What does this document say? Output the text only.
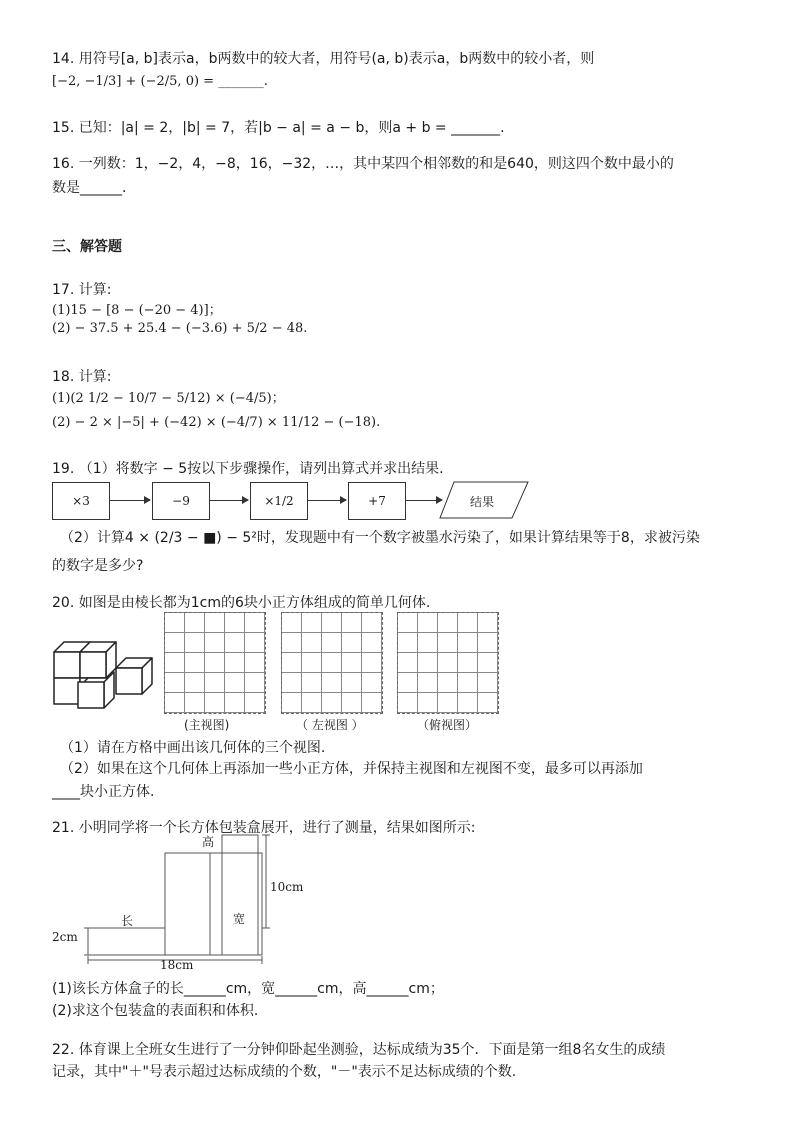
14. 用符号[a, b]表示a，b两数中的较大者，用符号(a, b)表示a，b两数中的较小者，则
[−2, −1/3] + (−2/5, 0) = _______.
15. 已知：|a| = 2，|b| = 7，若|b − a| = a − b，则a + b = _______.
16. 一列数：1，−2，4，−8，16，−32，…，其中某四个相邻数的和是640，则这四个数中最小的
数是______.
三、解答题
17. 计算:
(1)15 − [8 − (−20 − 4)]；
(2) − 37.5 + 25.4 − (−3.6) + 5/2 − 48.
18. 计算:
(1)(2 1/2 − 10/7 − 5/12) × (−4/5)；
(2) − 2 × |−5| + (−42) × (−4/7) × 11/12 − (−18).
19. （1）将数字 − 5按以下步骤操作，请列出算式并求出结果.
×3	−9	×1/2	+7	结果
（2）计算4 × (2/3 − ■) − 5²时，发现题中有一个数字被墨水污染了，如果计算结果等于8，求被污染
的数字是多少?
20. 如图是由棱长都为1cm的6块小正方体组成的简单几何体.
(主视图)	（ 左视图 ）	（俯视图）
（1）请在方格中画出该几何体的三个视图.
（2）如果在这个几何体上再添加一些小正方体，并保持主视图和左视图不变，最多可以再添加
____块小正方体.
21. 小明同学将一个长方体包装盒展开，进行了测量，结果如图所示:
高
长	宽
10cm
2cm
18cm
(1)该长方体盒子的长______cm，宽______cm，高______cm；
(2)求这个包装盒的表面积和体积.
22. 体育课上全班女生进行了一分钟仰卧起坐测验，达标成绩为35个．下面是第一组8名女生的成绩
记录，其中"＋"号表示超过达标成绩的个数，"－"表示不足达标成绩的个数.
